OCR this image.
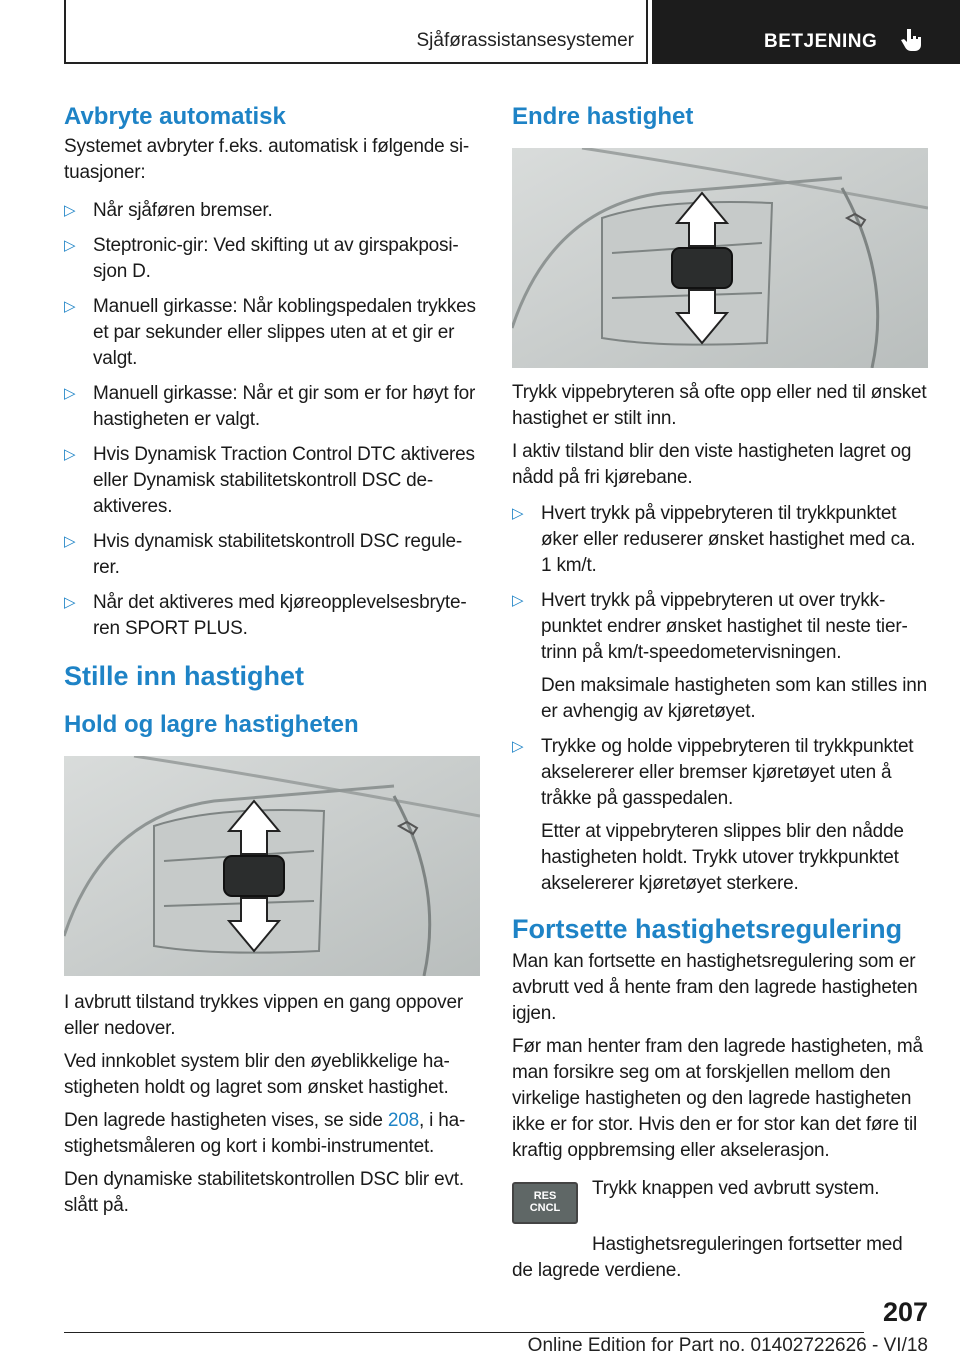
Sjåførassistansesystemer	BETJENING
Avbryte automatisk

Systemet avbryter f.eks. automatisk i følgende situasjoner:

▷ Når sjåføren bremser.
▷ Steptronic-gir: Ved skifting ut av girspakposisjon D.
▷ Manuell girkasse: Når koblingspedalen trykkes et par sekunder eller slippes uten at et gir er valgt.
▷ Manuell girkasse: Når et gir som er for høyt for hastigheten er valgt.
▷ Hvis Dynamisk Traction Control DTC aktiveres eller Dynamisk stabilitetskontroll DSC deaktiveres.
▷ Hvis dynamisk stabilitetskontroll DSC regulerer.
▷ Når det aktiveres med kjøreopplevelsesbryteren SPORT PLUS.
Stille inn hastighet
Hold og lagre hastigheten

I avbrutt tilstand trykkes vippen en gang oppover eller nedover.

Ved innkoblet system blir den øyeblikkelige hastigheten holdt og lagret som ønsket hastighet.

Den lagrede hastigheten vises, se side 208, i hastighetsmåleren og kort i kombi-instrumentet.

Den dynamiske stabilitetskontrollen DSC blir evt. slått på.

Endre hastighet

Trykk vippebryteren så ofte opp eller ned til ønsket hastighet er stilt inn.

I aktiv tilstand blir den viste hastigheten lagret og nådd på fri kjørebane.

▷ Hvert trykk på vippebryteren til trykkpunktet øker eller reduserer ønsket hastighet med ca. 1 km/t.
▷ Hvert trykk på vippebryteren ut over trykkpunktet endrer ønsket hastighet til neste tiertrinn på km/t-speedometervisningen.
Den maksimale hastigheten som kan stilles inn er avhengig av kjøretøyet.
▷ Trykke og holde vippebryteren til trykkpunktet akselererer eller bremser kjøretøyet uten å tråkke på gasspedalen.
Etter at vippebryteren slippes blir den nådde hastigheten holdt. Trykk utover trykkpunktet akselererer kjøretøyet sterkere.
Fortsette hastighetsregulering

Man kan fortsette en hastighetsregulering som er avbrutt ved å hente fram den lagrede hastigheten igjen.

Før man henter fram den lagrede hastigheten, må man forsikre seg om at forskjellen mellom den virkelige hastigheten og den lagrede hastigheten ikke er for stor. Hvis den er for stor kan det føre til kraftig oppbremsing eller akselerasjon.

RES
CNCL

Trykk knappen ved avbrutt system.

Hastighetsreguleringen fortsetter med de lagrede verdiene.

207
Online Edition for Part no. 01402722626 - VI/18
